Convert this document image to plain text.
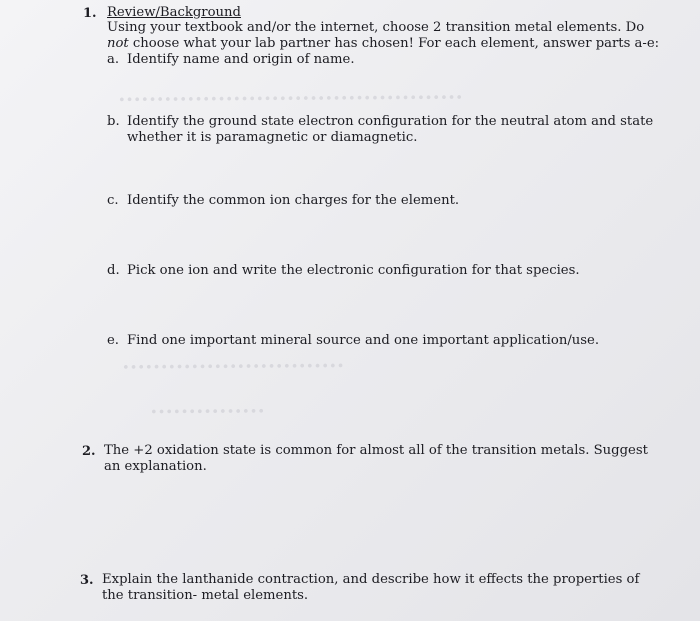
•••••••••••••••••••••••••••••••••••••••••••••
•••••••••••••••••••••••••••••
•••••••••••••••
1. Review/Background
Using your textbook and/or the internet, choose 2 transition metal elements. Do
not choose what your lab partner has chosen! For each element, answer parts a-e:
a. Identify name and origin of name.
b. Identify the ground state electron configuration for the neutral atom and state
whether it is paramagnetic or diamagnetic.
c. Identify the common ion charges for the element.
d. Pick one ion and write the electronic configuration for that species.
e. Find one important mineral source and one important application/use.
2. The +2 oxidation state is common for almost all of the transition metals. Suggest
an explanation.
3. Explain the lanthanide contraction, and describe how it effects the properties of
the transition- metal elements.
